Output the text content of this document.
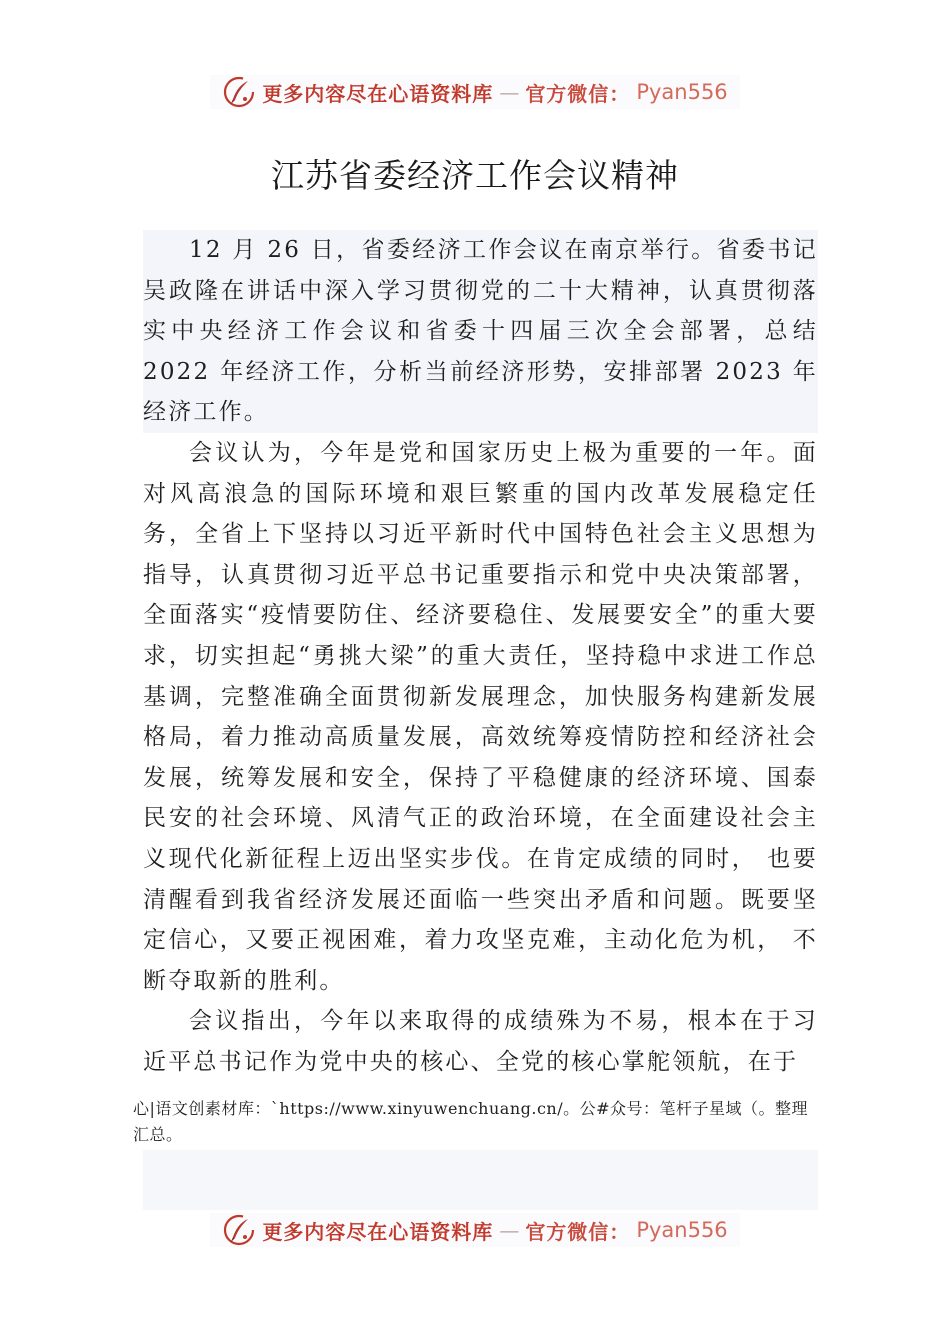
更多内容尽在心语资料库 — 官方微信： Pyan556
江苏省委经济工作会议精神

12 月 26 日，省委经济工作会议在南京举行。省委书记吴政隆在讲话中深入学习贯彻党的二十大精神，认真贯彻落实中央经济工作会议和省委十四届三次全会部署，总结 2022 年经济工作，分析当前经济形势，安排部署 2023 年经济工作。

会议认为，今年是党和国家历史上极为重要的一年。面对风高浪急的国际环境和艰巨繁重的国内改革发展稳定任务，全省上下坚持以习近平新时代中国特色社会主义思想为指导，认真贯彻习近平总书记重要指示和党中央决策部署，全面落实“疫情要防住、经济要稳住、发展要安全”的重大要求，切实担起“勇挑大梁”的重大责任，坚持稳中求进工作总基调，完整准确全面贯彻新发展理念，加快服务构建新发展格局，着力推动高质量发展，高效统筹疫情防控和经济社会发展，统筹发展和安全，保持了平稳健康的经济环境、国泰民安的社会环境、风清气正的政治环境，在全面建设社会主义现代化新征程上迈出坚实步伐。在肯定成绩的同时， 也要清醒看到我省经济发展还面临一些突出矛盾和问题。既要坚定信心，又要正视困难，着力攻坚克难，主动化危为机， 不断夺取新的胜利。

会议指出，今年以来取得的成绩殊为不易，根本在于习近平总书记作为党中央的核心、全党的核心掌舵领航，在于

心|语文创素材库：`https://www.xinyuwenchuang.cn/。公#众号：笔杆子星域（。整理汇总。
更多内容尽在心语资料库 — 官方微信： Pyan556
